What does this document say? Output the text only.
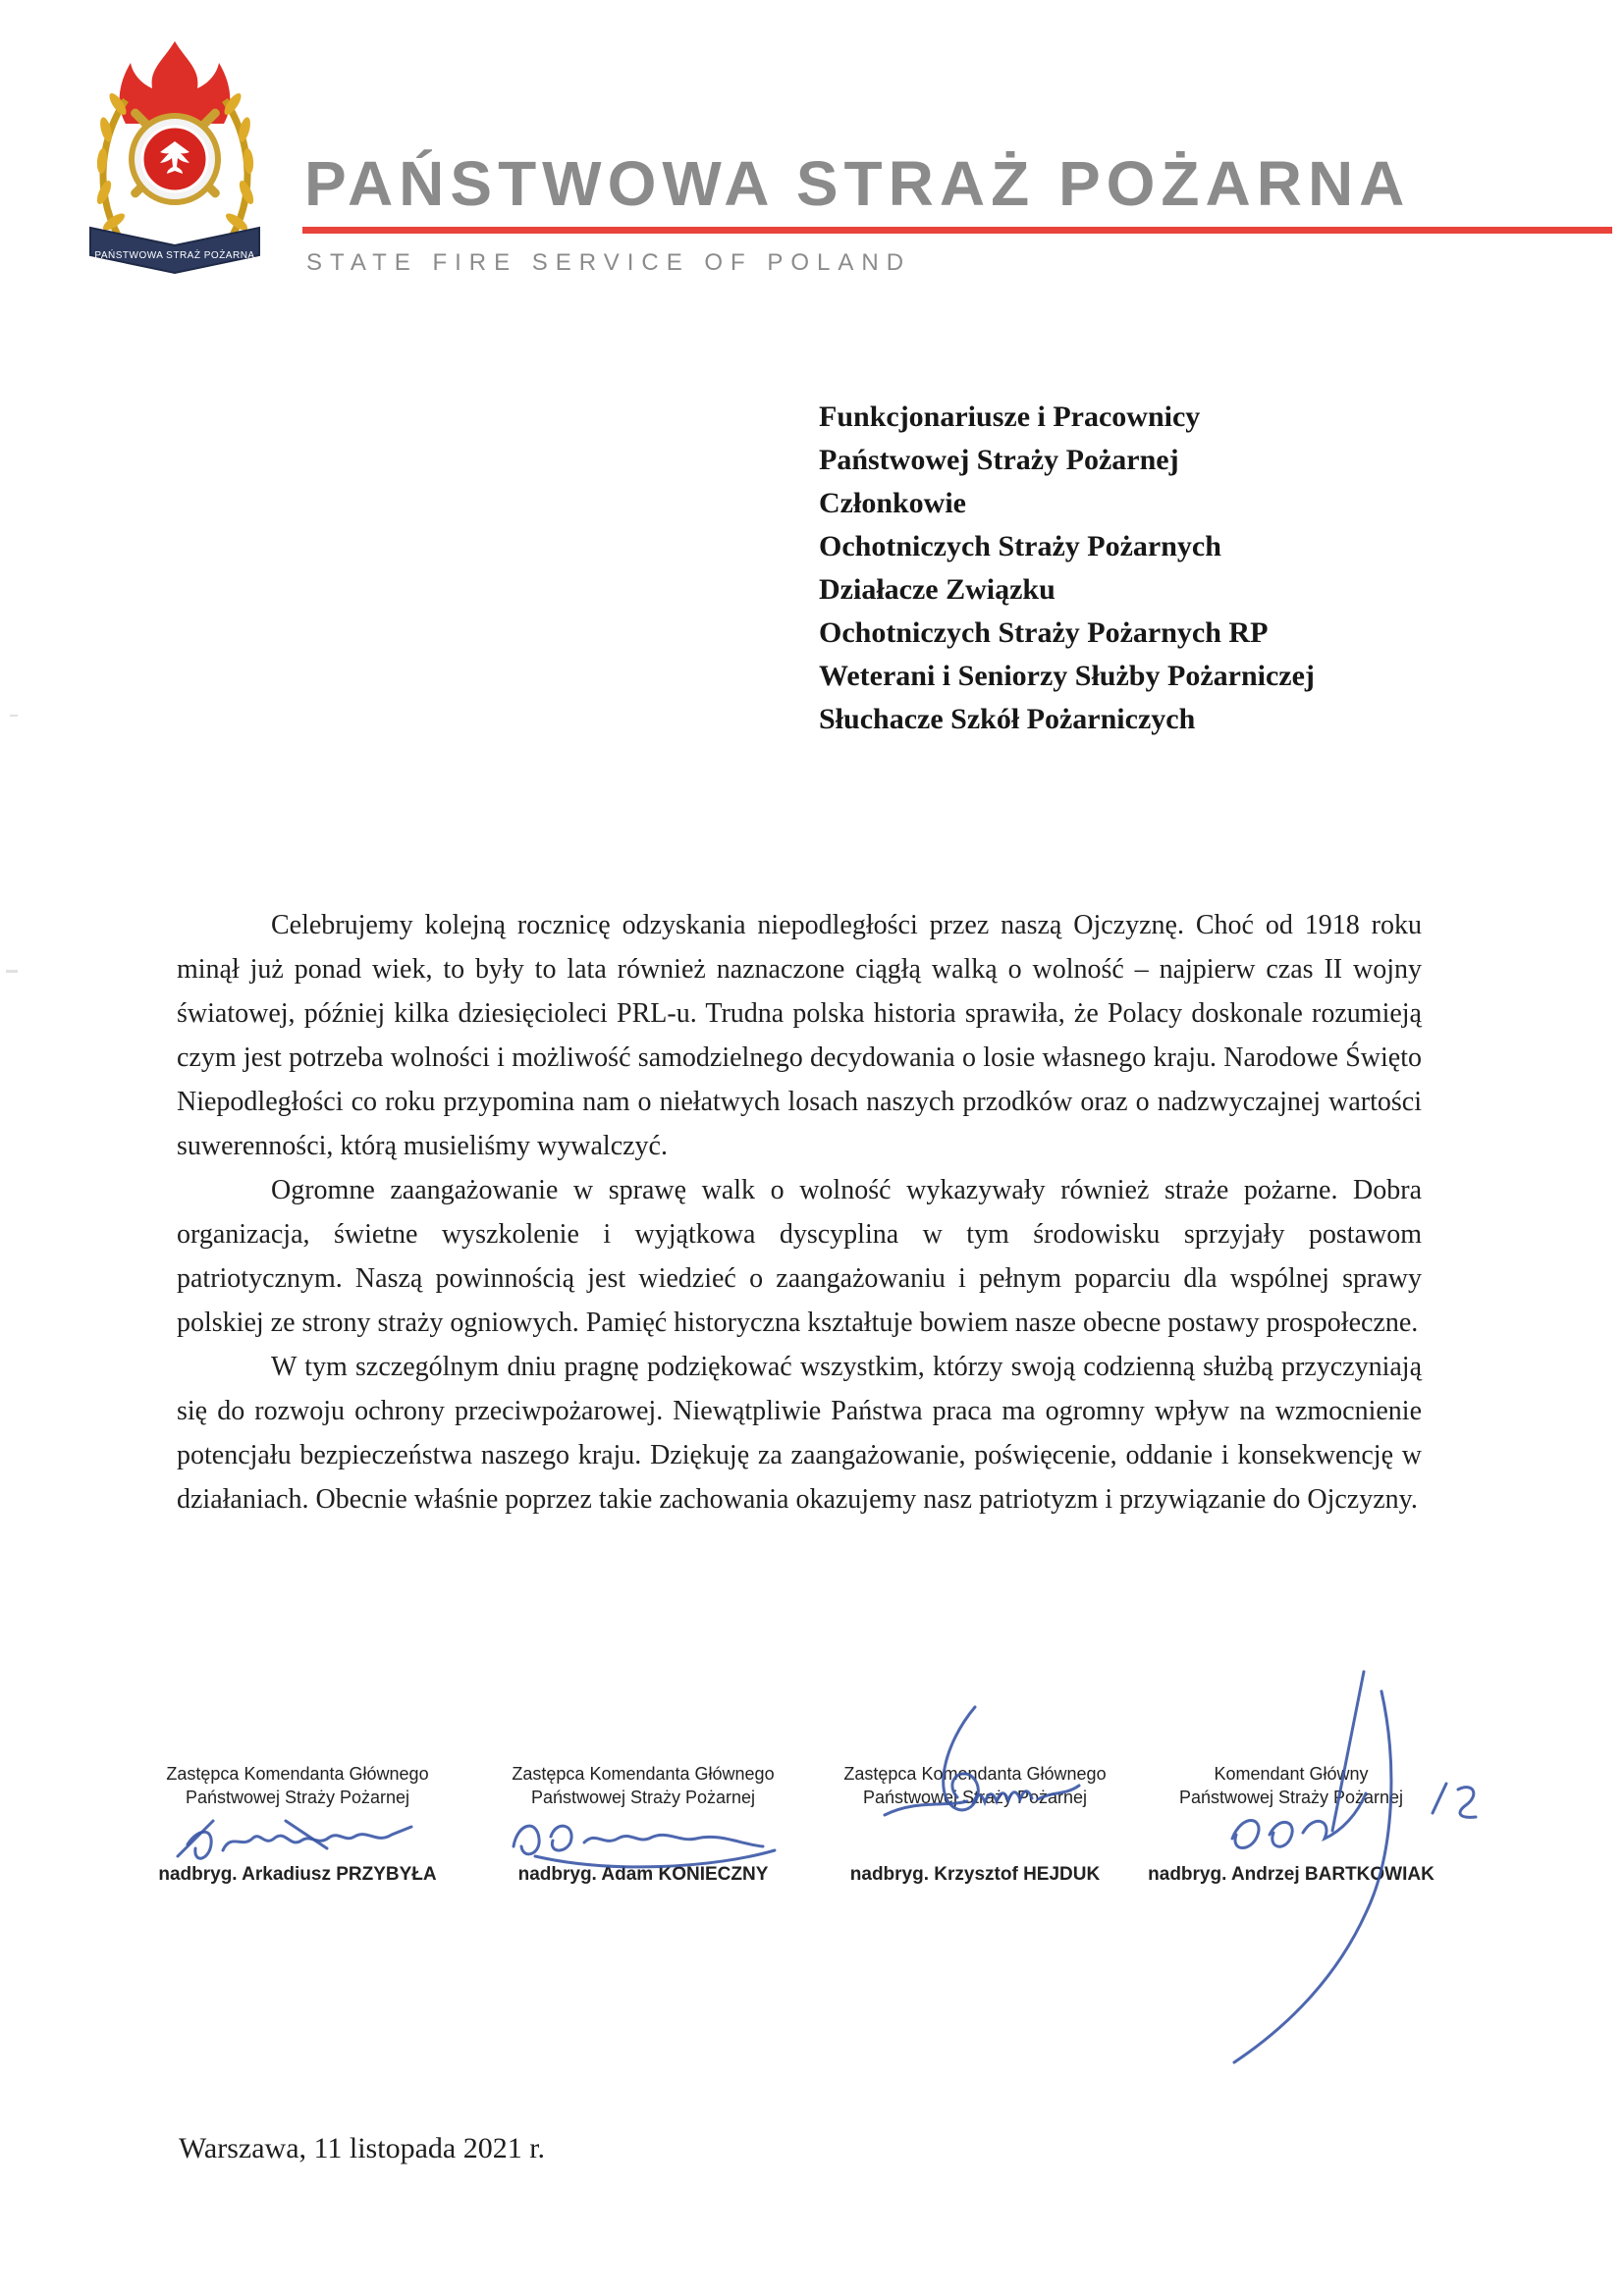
PAŃSTWOWA STRAŻ POŻARNA
PAŃSTWOWA STRAŻ POŻARNA
STATE FIRE SERVICE OF POLAND
Funkcjonariusze i Pracownicy
Państwowej Straży Pożarnej
Członkowie
Ochotniczych Straży Pożarnych
Działacze Związku
Ochotniczych Straży Pożarnych RP
Weterani i Seniorzy Służby Pożarniczej
Słuchacze Szkół Pożarniczych

Celebrujemy kolejną rocznicę odzyskania niepodległości przez naszą Ojczyznę. Choć od 1918 roku minął już ponad wiek, to były to lata również naznaczone ciągłą walką o wolność – najpierw czas II wojny światowej, później kilka dziesięcioleci PRL-u. Trudna polska historia sprawiła, że Polacy doskonale rozumieją czym jest potrzeba wolności i możliwość samodzielnego decydowania o losie własnego kraju. Narodowe Święto Niepodległości co roku przypomina nam o niełatwych losach naszych przodków oraz o nadzwyczajnej wartości suwerenności, którą musieliśmy wywalczyć.

Ogromne zaangażowanie w sprawę walk o wolność wykazywały również straże pożarne. Dobra organizacja, świetne wyszkolenie i wyjątkowa dyscyplina w tym środowisku sprzyjały postawom patriotycznym. Naszą powinnością jest wiedzieć o zaangażowaniu i pełnym poparciu dla wspólnej sprawy polskiej ze strony straży ogniowych. Pamięć historyczna kształtuje bowiem nasze obecne postawy prospołeczne.

W tym szczególnym dniu pragnę podziękować wszystkim, którzy swoją codzienną służbą przyczyniają się do rozwoju ochrony przeciwpożarowej. Niewątpliwie Państwa praca ma ogromny wpływ na wzmocnienie potencjału bezpieczeństwa naszego kraju. Dziękuję za zaangażowanie, poświęcenie, oddanie i konsekwencję w działaniach. Obecnie właśnie poprzez takie zachowania okazujemy nasz patriotyzm i przywiązanie do Ojczyzny.

Zastępca Komendanta Głównego
Państwowej Straży Pożarnej
nadbryg. Arkadiusz PRZYBYŁA
Zastępca Komendanta Głównego
Państwowej Straży Pożarnej
nadbryg. Adam KONIECZNY
Zastępca Komendanta Głównego
Państwowej Straży Pożarnej
nadbryg. Krzysztof HEJDUK
Komendant Główny
Państwowej Straży Pożarnej
nadbryg. Andrzej BARTKOWIAK
Warszawa, 11 listopada 2021 r.
